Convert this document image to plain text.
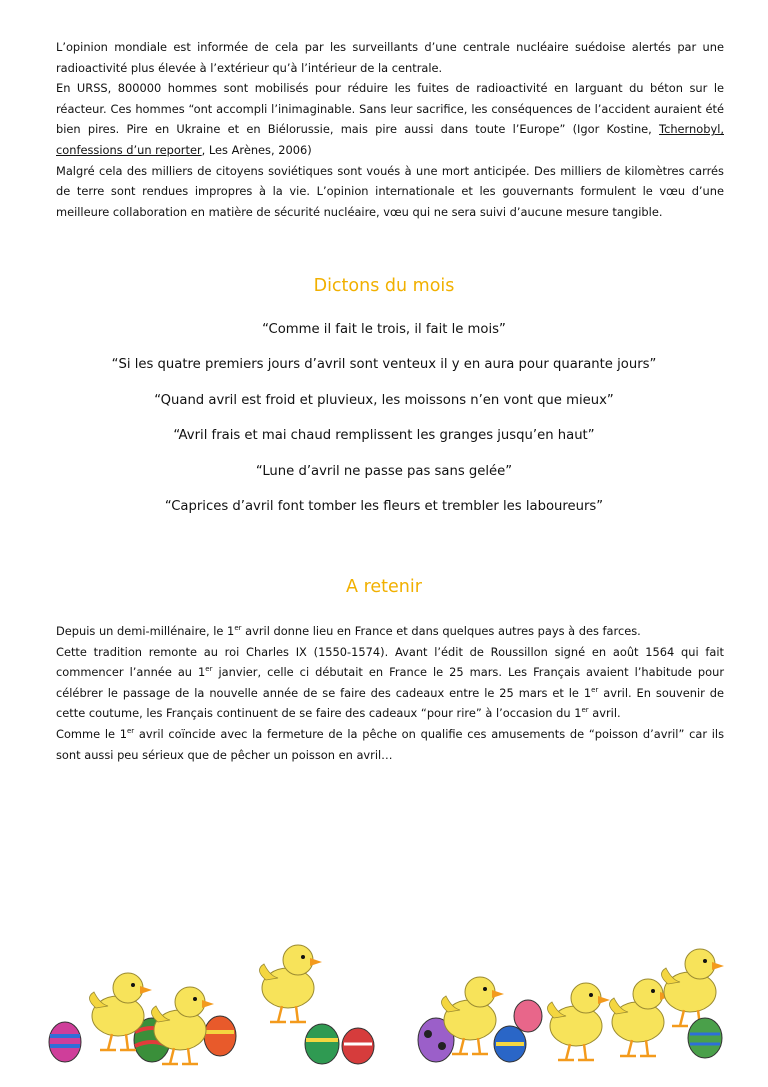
L’opinion mondiale est informée de cela par les surveillants d’une centrale nucléaire suédoise alertés par une radioactivité plus élevée à l’extérieur qu’à l’intérieur de la centrale.

En URSS, 800000 hommes sont mobilisés pour réduire les fuites de radioactivité en larguant du béton sur le réacteur. Ces hommes “ont accompli l’inimaginable. Sans leur sacrifice, les conséquences de l’accident auraient été bien pires. Pire en Ukraine et en Biélorussie, mais pire aussi dans toute l’Europe” (Igor Kostine, Tchernobyl, confessions d’un reporter, Les Arènes, 2006)

Malgré cela des milliers de citoyens soviétiques sont voués à une mort anticipée. Des milliers de kilomètres carrés de terre sont rendues impropres à la vie. L’opinion internationale et les gouvernants formulent le vœu d’une meilleure collaboration en matière de sécurité nucléaire, vœu qui ne sera suivi d’aucune mesure tangible.

Dictons du mois
“Comme il fait le trois, il fait le mois”
“Si les quatre premiers jours d’avril sont venteux il y en aura pour quarante jours”
“Quand avril est froid et pluvieux, les moissons n’en vont que mieux”
“Avril frais et mai chaud remplissent les granges jusqu’en haut”
“Lune d’avril ne passe pas sans gelée”
“Caprices d’avril font tomber les fleurs et trembler les laboureurs”
A retenir

Depuis un demi-millénaire, le 1er avril donne lieu en France et dans quelques autres pays à des farces.

Cette tradition remonte au roi Charles IX (1550-1574). Avant l’édit de Roussillon signé en août 1564 qui fait commencer l’année au 1er janvier, celle ci débutait en France le 25 mars. Les Français avaient l’habitude pour célébrer le passage de la nouvelle année de se faire des cadeaux entre le 25 mars et le 1er avril. En souvenir de cette coutume, les Français continuent de se faire des cadeaux “pour rire” à l’occasion du 1er avril.

Comme le 1er avril coïncide avec la fermeture de la pêche on qualifie ces amusements de “poisson d’avril” car ils sont aussi peu sérieux que de pêcher un poisson en avril…
